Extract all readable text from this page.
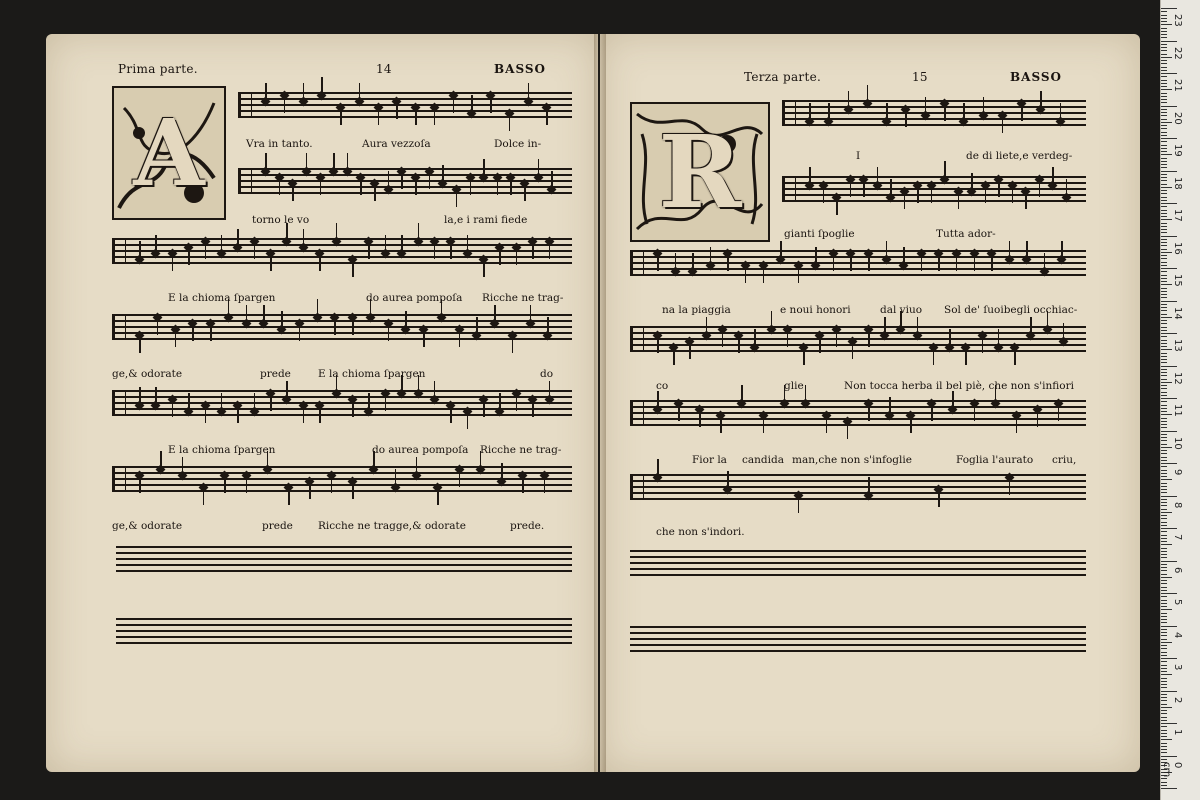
Prima parte.	14	BASSO
A
Terza parte.	15	BASSO
R
Vra in tanto.	Aura vezzoſa	Dolce in-
torno le vo	la,e i rami fiede
E la chioma ſpargen	do aurea pompoſa Ricche ne trag-
ge,& odorate	prede	E la chioma ſpargen	do
E la chioma ſpargen	do aurea pompoſa Ricche ne trag-
ge,& odorate	prede Ricche ne tragge,& odorate	prede.
I	de di liete,e verdeg-
gianti ſpoglie	Tutta ador-
na la piaggia	e noui honori	dal viuo Sol de' ſuoibegli occhiac-
co	glie	Non tocca herba il bel piè, che non s'infiori
Fior la candida man,che non s'infoglie	Foglia l'aurato criu,
che non s'indori.
23
22
21
20
19
18
17
16
15
14
13
12
11
10
9
8
7
6
5
4
3
2
1
0 cm
